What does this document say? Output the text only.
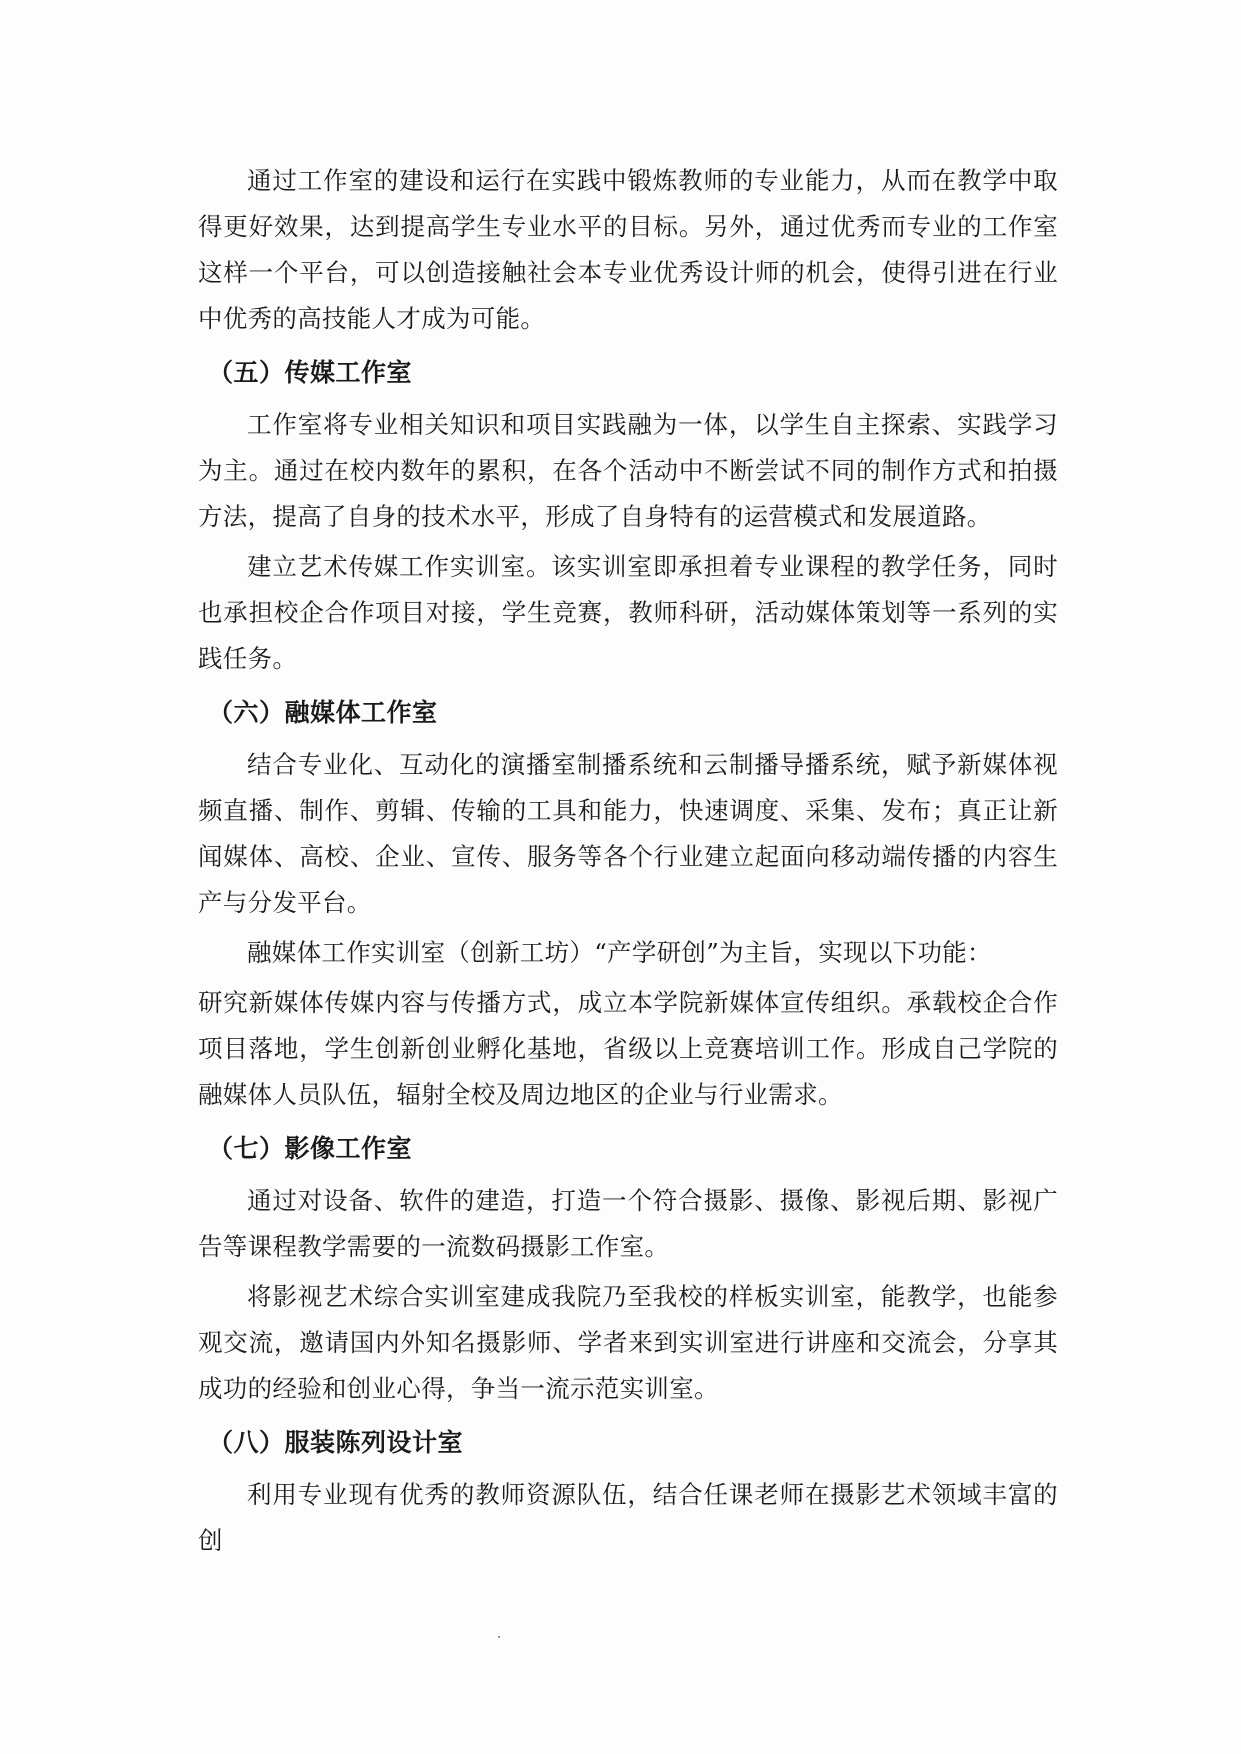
通过工作室的建设和运行在实践中锻炼教师的专业能力，从而在教学中取得更好效果，达到提高学生专业水平的目标。另外，通过优秀而专业的工作室这样一个平台，可以创造接触社会本专业优秀设计师的机会，使得引进在行业中优秀的高技能人才成为可能。

（五）传媒工作室

工作室将专业相关知识和项目实践融为一体，以学生自主探索、实践学习为主。通过在校内数年的累积，在各个活动中不断尝试不同的制作方式和拍摄方法，提高了自身的技术水平，形成了自身特有的运营模式和发展道路。

建立艺术传媒工作实训室。该实训室即承担着专业课程的教学任务，同时也承担校企合作项目对接，学生竞赛，教师科研，活动媒体策划等一系列的实践任务。

（六）融媒体工作室

结合专业化、互动化的演播室制播系统和云制播导播系统，赋予新媒体视频直播、制作、剪辑、传输的工具和能力，快速调度、采集、发布；真正让新闻媒体、高校、企业、宣传、服务等各个行业建立起面向移动端传播的内容生产与分发平台。

融媒体工作实训室（创新工坊）“产学研创”为主旨，实现以下功能：

研究新媒体传媒内容与传播方式，成立本学院新媒体宣传组织。承载校企合作项目落地，学生创新创业孵化基地，省级以上竞赛培训工作。形成自己学院的融媒体人员队伍，辐射全校及周边地区的企业与行业需求。

（七）影像工作室

通过对设备、软件的建造，打造一个符合摄影、摄像、影视后期、影视广告等课程教学需要的一流数码摄影工作室。

将影视艺术综合实训室建成我院乃至我校的样板实训室，能教学，也能参观交流，邀请国内外知名摄影师、学者来到实训室进行讲座和交流会，分享其成功的经验和创业心得，争当一流示范实训室。

（八）服装陈列设计室

利用专业现有优秀的教师资源队伍，结合任课老师在摄影艺术领域丰富的创
